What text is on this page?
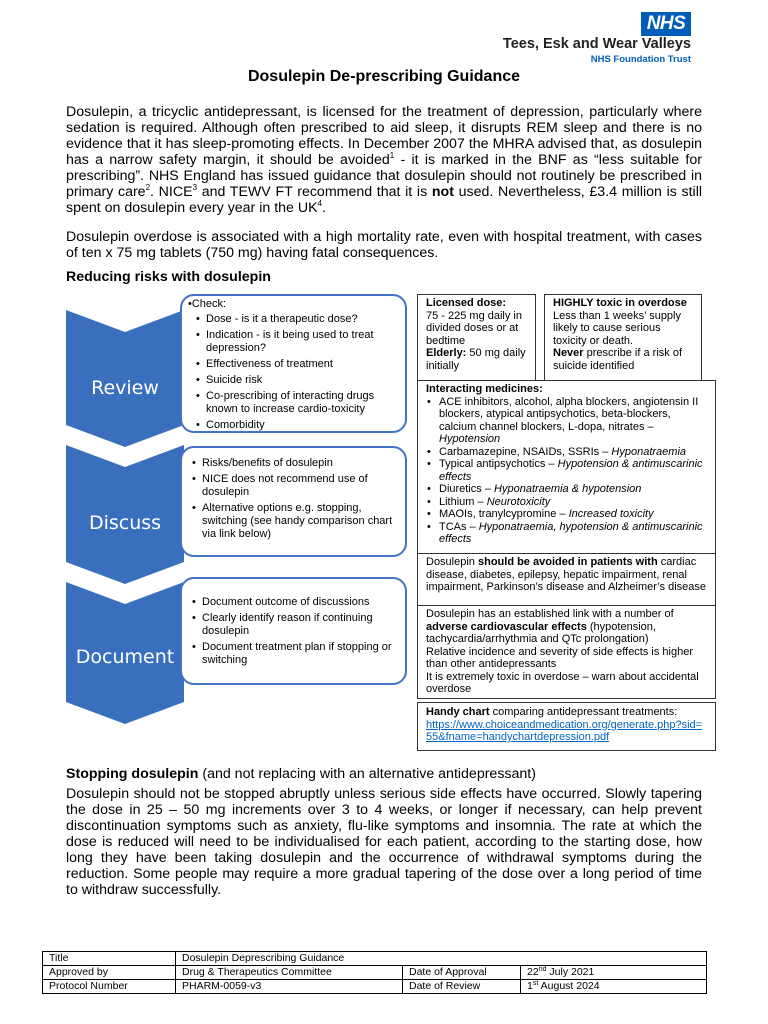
NHS
Tees, Esk and Wear Valleys
NHS Foundation Trust
Dosulepin De-prescribing Guidance
Dosulepin, a tricyclic antidepressant, is licensed for the treatment of depression, particularly where sedation is required. Although often prescribed to aid sleep, it disrupts REM sleep and there is no evidence that it has sleep-promoting effects. In December 2007 the MHRA advised that, as dosulepin has a narrow safety margin, it should be avoided$^1$ - it is marked in the BNF as “less suitable for prescribing”. NHS England has issued guidance that dosulepin should not routinely be prescribed in primary care$^2$. NICE$^3$ and TEWV FT recommend that it is not used. Nevertheless, £3.4 million is still spent on dosulepin every year in the $UK^4$.
Dosulepin overdose is associated with a high mortality rate, even with hospital treatment, with cases of ten x 75 mg tablets (750 mg) having fatal consequences.
Reducing risks with dosulepin
Review
Discuss
Document
•Check:
• Dose - is it a therapeutic dose?
• Indication - is it being used to treat depression?
• Effectiveness of treatment
• Suicide risk
• Co-prescribing of interacting drugs known to increase cardio-toxicity
• Comorbidity
• Risks/benefits of dosulepin
• NICE does not recommend use of dosulepin
• Alternative options e.g. stopping, switching (see handy comparison chart via link below)
• Document outcome of discussions
• Clearly identify reason if continuing dosulepin
• Document treatment plan if stopping or switching
Licensed dose:
75 - 225 mg daily in divided doses or at bedtime
Elderly: 50 mg daily initially
HIGHLY toxic in overdose
Less than 1 weeks’ supply likely to cause serious toxicity or death.
Never prescribe if a risk of suicide identified
Interacting medicines:
• ACE inhibitors, alcohol, alpha blockers, angiotensin II blockers, atypical antipsychotics, beta-blockers, calcium channel blockers, L-dopa, nitrates – Hypotension
• Carbamazepine, NSAIDs, SSRIs – Hyponatraemia
• Typical antipsychotics – Hypotension & antimuscarinic effects
• Diuretics – Hyponatraemia & hypotension
• Lithium – Neurotoxicity
• MAOIs, tranylcypromine – Increased toxicity
• TCAs – Hyponatraemia, hypotension & antimuscarinic effects
Dosulepin should be avoided in patients with cardiac disease, diabetes, epilepsy, hepatic impairment, renal impairment, Parkinson’s disease and Alzheimer’s disease
Dosulepin has an established link with a number of adverse cardiovascular effects (hypotension, tachycardia/arrhythmia and QTc prolongation)
Relative incidence and severity of side effects is higher than other antidepressants
It is extremely toxic in overdose – warn about accidental overdose
Handy chart comparing antidepressant treatments:
https://www.choiceandmedication.org/generate.php?sid=55&fname=handychartdepression.pdf
Stopping dosulepin (and not replacing with an alternative antidepressant)
Dosulepin should not be stopped abruptly unless serious side effects have occurred. Slowly tapering the dose in 25 – 50 mg increments over 3 to 4 weeks, or longer if necessary, can help prevent discontinuation symptoms such as anxiety, flu-like symptoms and insomnia. The rate at which the dose is reduced will need to be individualised for each patient, according to the starting dose, how long they have been taking dosulepin and the occurrence of withdrawal symptoms during the reduction. Some people may require a more gradual tapering of the dose over a long period of time to withdraw successfully.
Title	Dosulepin Deprescribing Guidance		
Approved by	Drug & Therapeutics Committee	Date of Approval	22nd July 2021
Protocol Number	PHARM-0059-v3	Date of Review	1st August 2024
